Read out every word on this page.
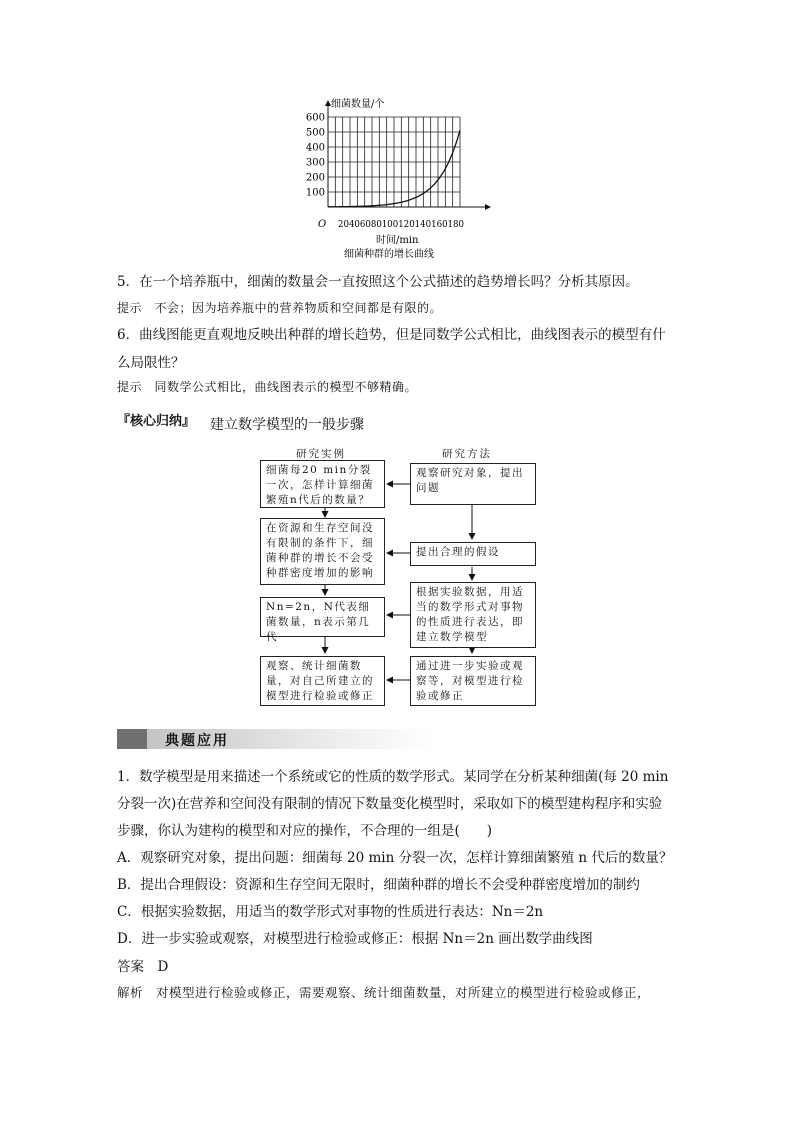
100
200
300
400
500
600
20406080100120140160180
细菌数量/个
O
时间/min
细菌种群的增长曲线
5．在一个培养瓶中，细菌的数量会一直按照这个公式描述的趋势增长吗？分析其原因。
提示　不会；因为培养瓶中的营养物质和空间都是有限的。
6．曲线图能更直观地反映出种群的增长趋势，但是同数学公式相比，曲线图表示的模型有什
么局限性？
提示　同数学公式相比，曲线图表示的模型不够精确。
『核心归纳』 建立数学模型的一般步骤
研究实例	研究方法
细菌每20 min分裂一次，怎样计算细菌繁殖n代后的数量？
在资源和生存空间没有限制的条件下，细菌种群的增长不会受种群密度增加的影响
Nn=2n，N代表细菌数量，n表示第几代
观察、统计细菌数量，对自己所建立的模型进行检验或修正
观察研究对象，提出问题
提出合理的假设
根据实验数据，用适当的数学形式对事物的性质进行表达，即建立数学模型
通过进一步实验或观察等，对模型进行检验或修正
典题应用
1．数学模型是用来描述一个系统或它的性质的数学形式。某同学在分析某种细菌(每 20 min
分裂一次)在营养和空间没有限制的情况下数量变化模型时，采取如下的模型建构程序和实验
步骤，你认为建构的模型和对应的操作，不合理的一组是(　　)
A．观察研究对象，提出问题：细菌每 20 min 分裂一次，怎样计算细菌繁殖 n 代后的数量？
B．提出合理假设：资源和生存空间无限时，细菌种群的增长不会受种群密度增加的制约
C．根据实验数据，用适当的数学形式对事物的性质进行表达：Nn＝2n
D．进一步实验或观察，对模型进行检验或修正：根据 Nn＝2n 画出数学曲线图
答案　D
解析　对模型进行检验或修正，需要观察、统计细菌数量，对所建立的模型进行检验或修正，
